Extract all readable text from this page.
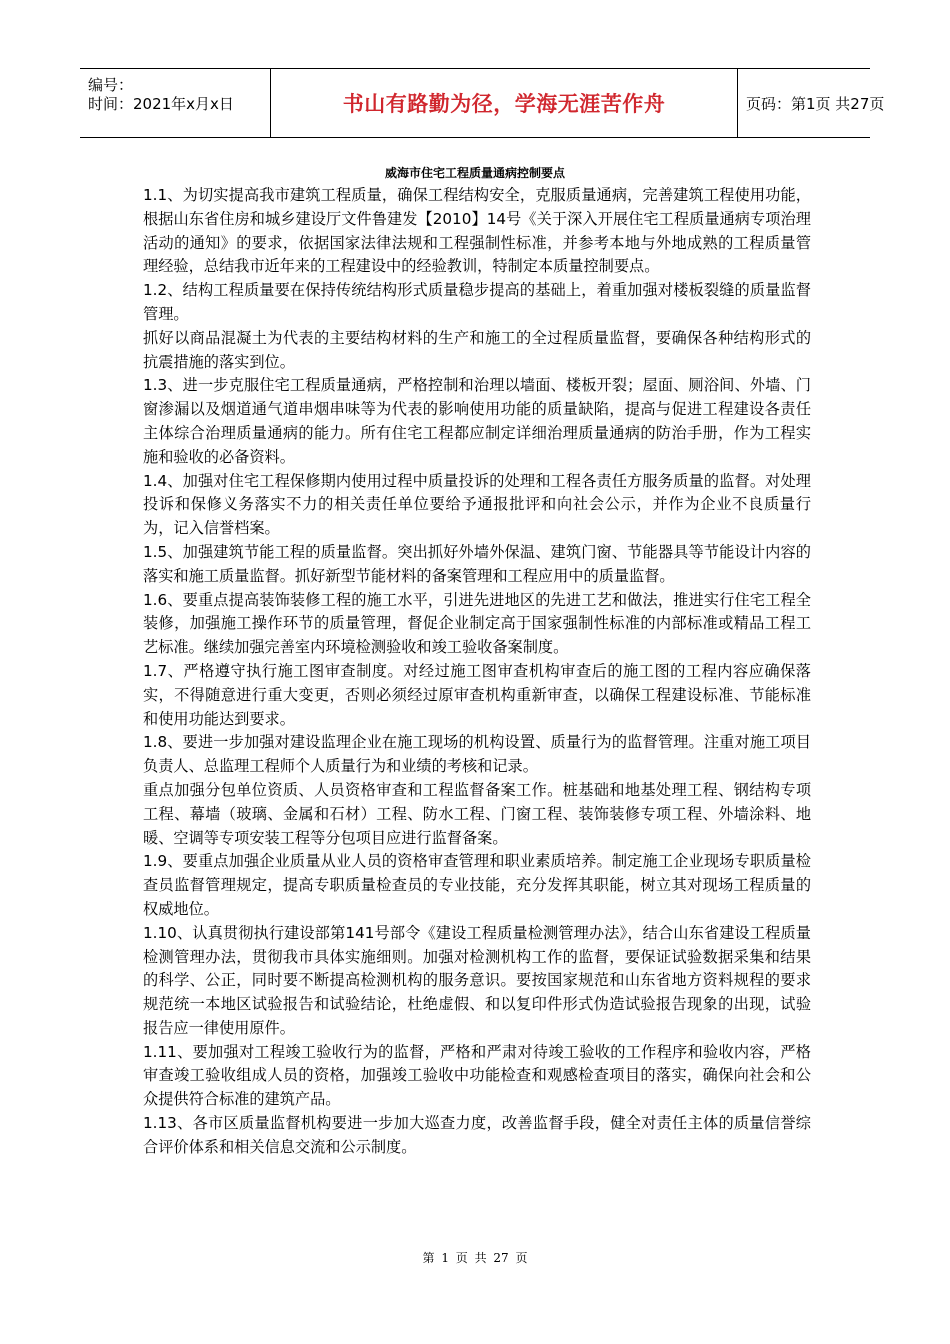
编号：
时间：2021年x月x日	书山有路勤为径，学海无涯苦作舟	页码：第1页 共27页
威海市住宅工程质量通病控制要点

1.1、为切实提高我市建筑工程质量，确保工程结构安全，克服质量通病，完善建筑工程使用功能，根据山东省住房和城乡建设厅文件鲁建发【2010】14号《关于深入开展住宅工程质量通病专项治理活动的通知》的要求，依据国家法律法规和工程强制性标准，并参考本地与外地成熟的工程质量管理经验，总结我市近年来的工程建设中的经验教训，特制定本质量控制要点。

1.2、结构工程质量要在保持传统结构形式质量稳步提高的基础上，着重加强对楼板裂缝的质量监督管理。

抓好以商品混凝土为代表的主要结构材料的生产和施工的全过程质量监督，要确保各种结构形式的抗震措施的落实到位。

1.3、进一步克服住宅工程质量通病，严格控制和治理以墙面、楼板开裂；屋面、厕浴间、外墙、门窗渗漏以及烟道通气道串烟串味等为代表的影响使用功能的质量缺陷，提高与促进工程建设各责任主体综合治理质量通病的能力。所有住宅工程都应制定详细治理质量通病的防治手册，作为工程实施和验收的必备资料。

1.4、加强对住宅工程保修期内使用过程中质量投诉的处理和工程各责任方服务质量的监督。对处理投诉和保修义务落实不力的相关责任单位要给予通报批评和向社会公示，并作为企业不良质量行为，记入信誉档案。

1.5、加强建筑节能工程的质量监督。突出抓好外墙外保温、建筑门窗、节能器具等节能设计内容的落实和施工质量监督。抓好新型节能材料的备案管理和工程应用中的质量监督。

1.6、要重点提高装饰装修工程的施工水平，引进先进地区的先进工艺和做法，推进实行住宅工程全装修，加强施工操作环节的质量管理，督促企业制定高于国家强制性标准的内部标准或精品工程工艺标准。继续加强完善室内环境检测验收和竣工验收备案制度。

1.7、严格遵守执行施工图审查制度。对经过施工图审查机构审查后的施工图的工程内容应确保落实，不得随意进行重大变更，否则必须经过原审查机构重新审查，以确保工程建设标准、节能标准和使用功能达到要求。

1.8、要进一步加强对建设监理企业在施工现场的机构设置、质量行为的监督管理。注重对施工项目负责人、总监理工程师个人质量行为和业绩的考核和记录。

重点加强分包单位资质、人员资格审查和工程监督备案工作。桩基础和地基处理工程、钢结构专项工程、幕墙（玻璃、金属和石材）工程、防水工程、门窗工程、装饰装修专项工程、外墙涂料、地暖、空调等专项安装工程等分包项目应进行监督备案。

1.9、要重点加强企业质量从业人员的资格审查管理和职业素质培养。制定施工企业现场专职质量检查员监督管理规定，提高专职质量检查员的专业技能，充分发挥其职能，树立其对现场工程质量的权威地位。

1.10、认真贯彻执行建设部第141号部令《建设工程质量检测管理办法》，结合山东省建设工程质量检测管理办法，贯彻我市具体实施细则。加强对检测机构工作的监督，要保证试验数据采集和结果的科学、公正，同时要不断提高检测机构的服务意识。要按国家规范和山东省地方资料规程的要求规范统一本地区试验报告和试验结论，杜绝虚假、和以复印件形式伪造试验报告现象的出现，试验报告应一律使用原件。

1.11、要加强对工程竣工验收行为的监督，严格和严肃对待竣工验收的工作程序和验收内容，严格审查竣工验收组成人员的资格，加强竣工验收中功能检查和观感检查项目的落实，确保向社会和公众提供符合标准的建筑产品。

1.13、各市区质量监督机构要进一步加大巡查力度，改善监督手段，健全对责任主体的质量信誉综合评价体系和相关信息交流和公示制度。

第 1 页 共 27 页
